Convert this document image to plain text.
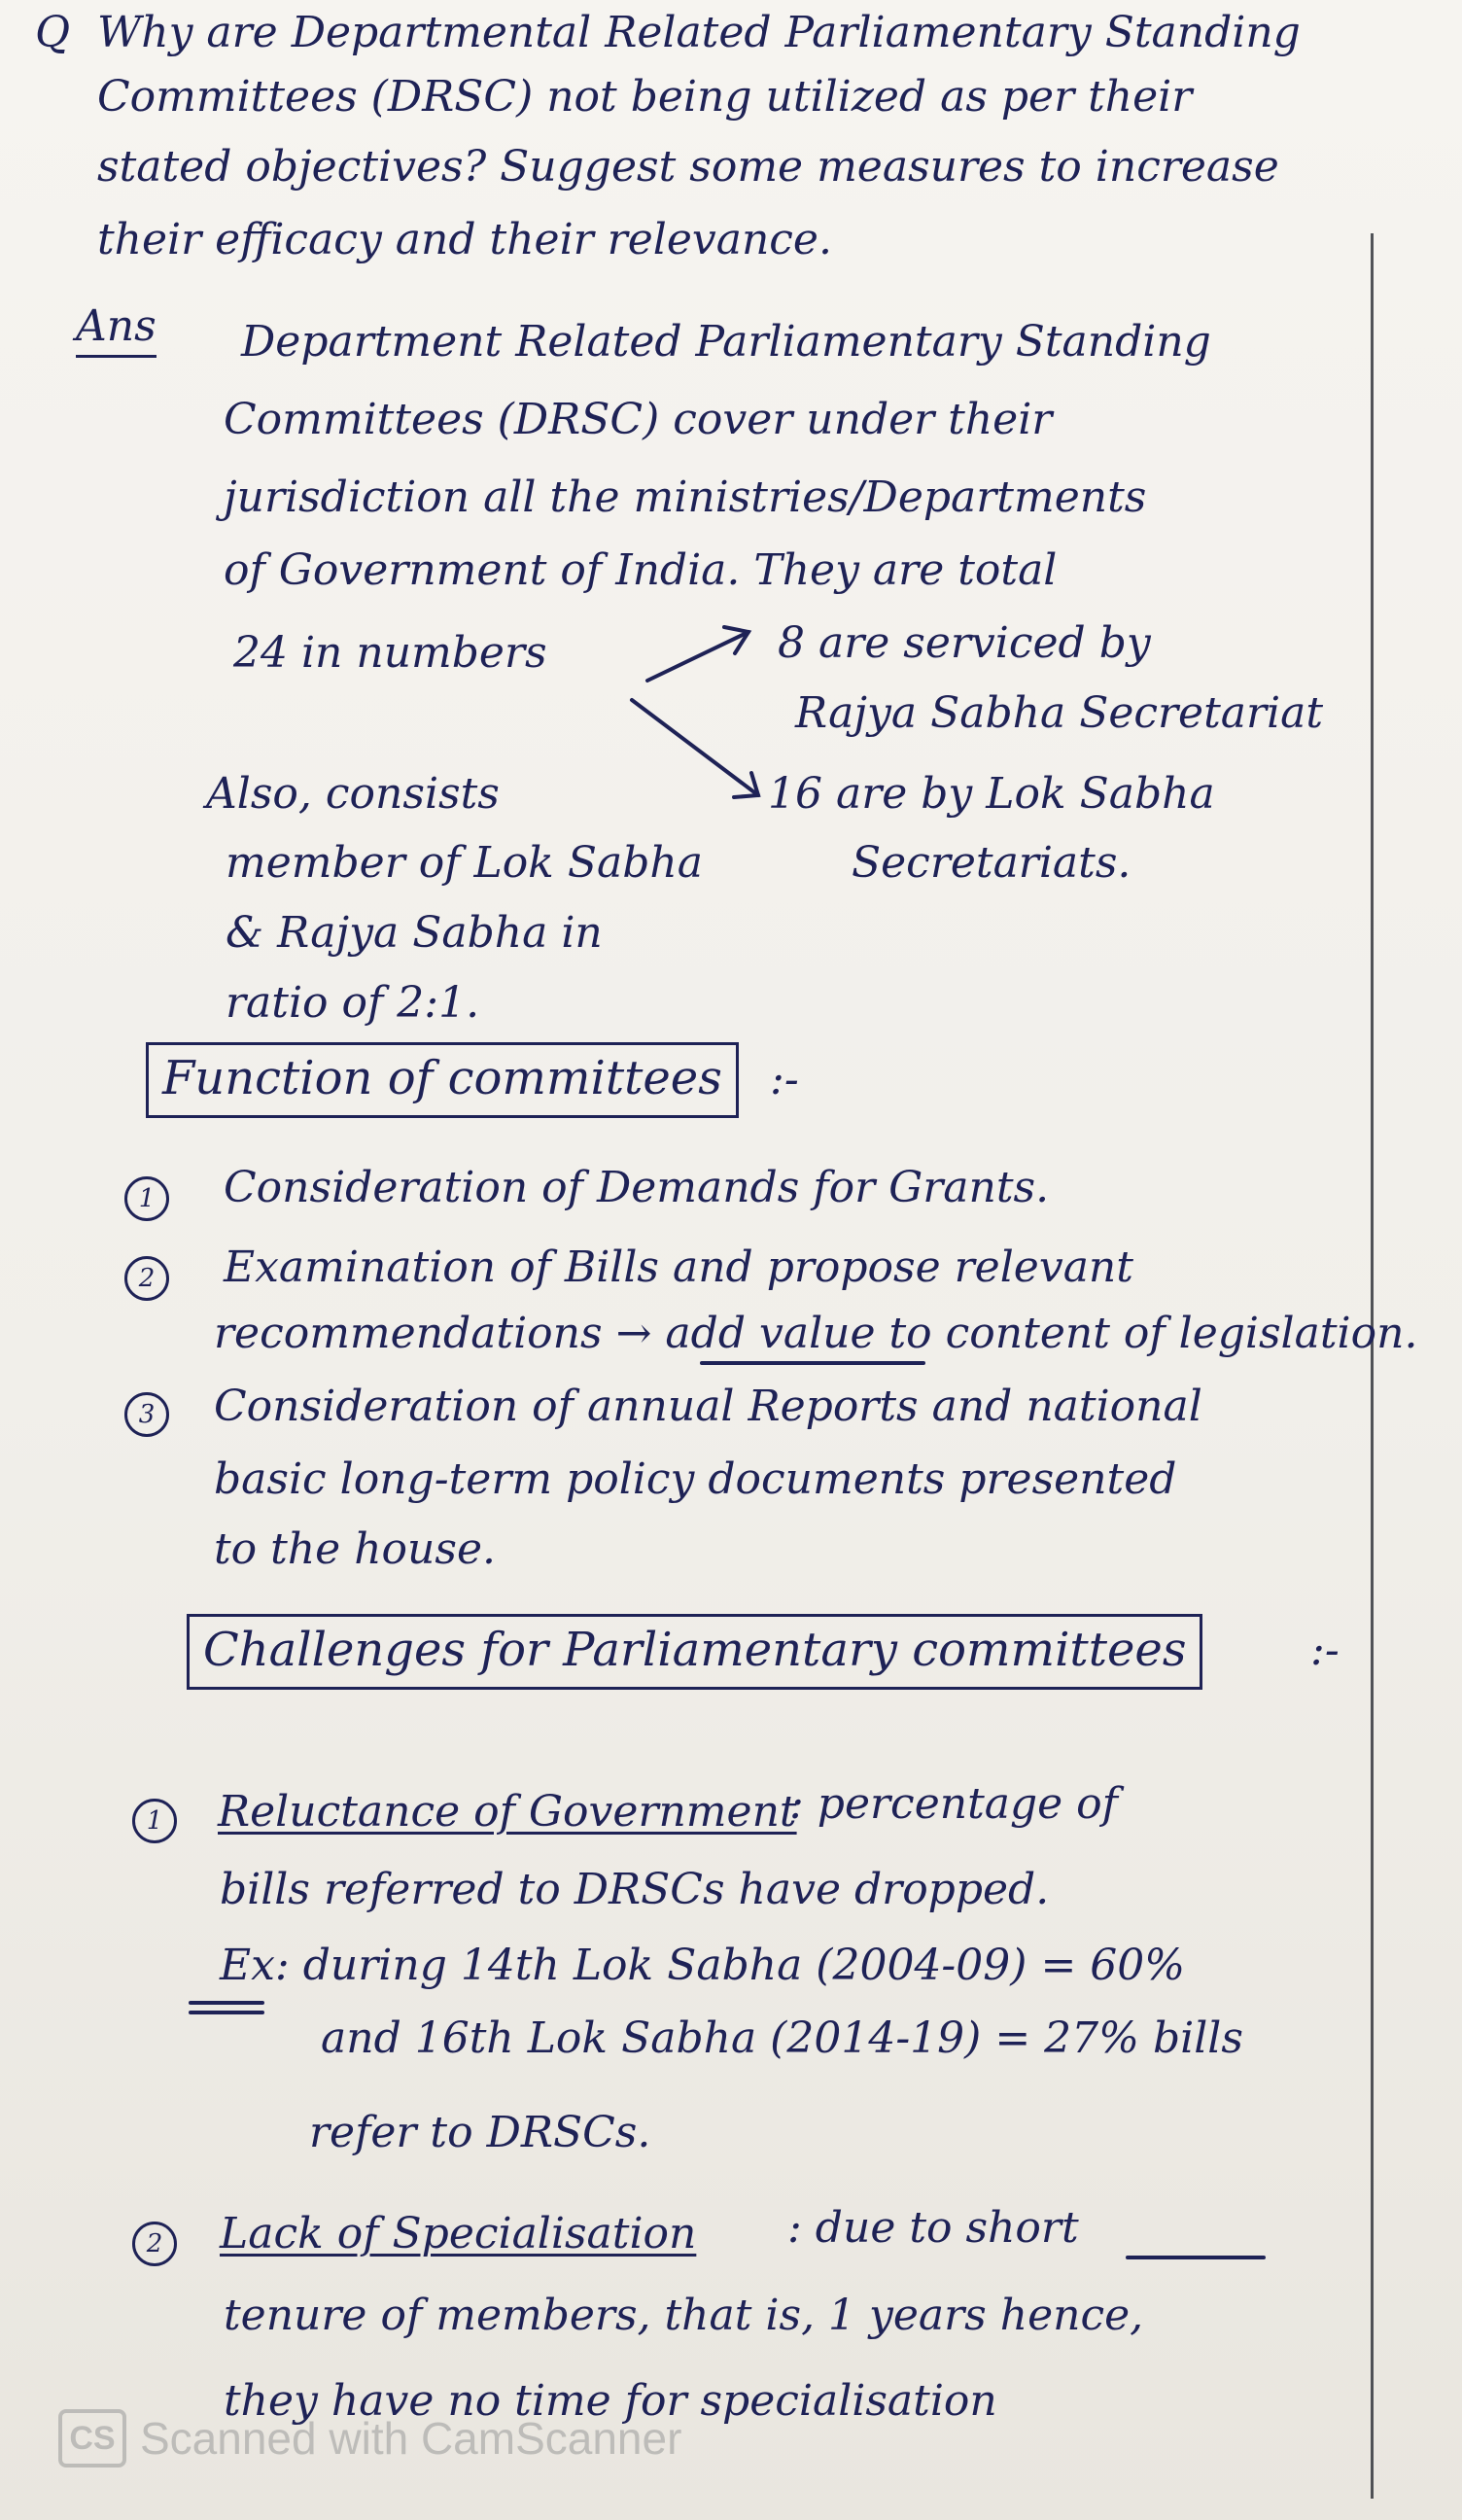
Q Why are Departmental Related Parliamentary Standing
Committees (DRSC) not being utilized as per their
stated objectives? Suggest some measures to increase
their efficacy and their relevance.
Ans Department Related Parliamentary Standing
Committees (DRSC) cover under their
jurisdiction all the ministries/Departments
of Government of India. They are total
24 in numbers	8 are serviced by
Rajya Sabha Secretariat
16 are by Lok Sabha
Secretariats.
Also, consists
member of Lok Sabha
& Rajya Sabha in
ratio of 2:1.
Function of committees	:-
1	Consideration of Demands for Grants.
2	Examination of Bills and propose relevant
recommendations → add value to content of legislation.
3	Consideration of annual Reports and national
basic long-term policy documents presented
to the house.
Challenges for Parliamentary committees	:-
1	Reluctance of Government
: percentage of
bills referred to DRSCs have dropped.
Ex: during 14th Lok Sabha (2004-09) = 60%
and 16th Lok Sabha (2014-19) = 27% bills
refer to DRSCs.
2	Lack of Specialisation : due to short
tenure of members, that is, 1 years hence,
they have no time for specialisation
CS Scanned with CamScanner
